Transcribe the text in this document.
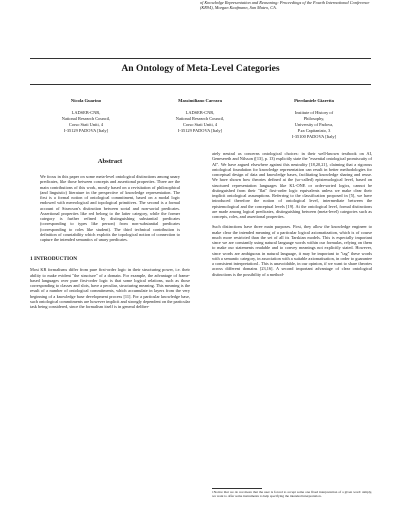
of Knowledge Representation and Reasoning: Proceedings of the Fourth International Conference (KR94), Morgan Kaufmann, San Mateo, CA.
An Ontology of Meta-Level Categories
Nicola Guarino
LADSEB-CNR,
National Research Council,
Corso Stati Uniti, 4
I-35129 PADOVA [Italy]
Massimiliano Carrara
LADSEB-CNR,
National Research Council,
Corso Stati Uniti, 4
I-35129 PADOVA [Italy]
Pierdaniele Giaretta
Institute of History of
Philosophy,
University of Padova,
P.za Capitaniato, 3
I-35100 PADOVA [Italy]
Abstract
We focus in this paper on some meta-level ontological distinctions among unary predicates, like those between concepts and assertional properties. Three are the main contributions of this work, mostly based on a revisitation of philosophical (and linguistic) literature in the perspective of knowledge representation. The first is a formal notion of ontological commitment, based on a modal logic endowed with mereological and topological primitives. The second is a formal account of Strawson's distinction between sortal and non-sortal predicates. Assertional properties like red belong to the latter category, while the former category is further refined by distinguishing substantial predicates (corresponding to types like person) from non-substantial predicates (corresponding to roles like student). The third technical contribution is definition of countability which exploits the topological notion of connection to capture the intended semantics of unary predicates.
1 INTRODUCTION
Most KR formalisms differ from pure first-order logic in their structuring power, i.e. their ability to make evident "the structure" of a domain. For example, the advantage of frame-based languages over pure first-order logic is that some logical relations, such as those corresponding to classes and slots, have a peculiar, structuring meaning. This meaning is the result of a number of ontological commitments, which accumulate in layers from the very beginning of a knowledge base development process [11]. For a particular knowledge base, such ontological commitments are however implicit and strongly dependent on the particular task being considered, since the formalism itself is in general deliber-
ately neutral as concerns ontological choices: in their well-known textbook on AI, Genesereth and Nilsson ([13], p. 13) explicitly state the "essential ontological promiscuity of AI". We have argued elsewhere against this neutrality [18,20,21], claiming that a rigorous ontological foundation for knowledge representation can result in better methodologies for conceptual design of data and knowledge bases, facilitating knowledge sharing and reuse. We have shown how theories defined at the (so-called) epistemological level, based on structured representation languages like KL-ONE or order-sorted logics, cannot be distinguished from their "flat" first-order logic equivalents unless we make clear their implicit ontological assumptions. Referring to the classification proposed in [5], we have introduced therefore the notion of ontological level, intermediate between the epistemological and the conceptual levels [19]. At the ontological level, formal distinctions are made among logical predicates, distinguishing between (meta-level) categories such as concepts, roles, and assertional properties.
Such distinctions have three main purposes. First, they allow the knowledge engineer to make clear the intended meaning of a particular logical axiomatization, which is of course much more restricted than the set of all its Tarskian models. This is especially important since we are constantly using natural language words within our formulas, relying on them to make our statements readable and to convey meanings not explicitly stated. However, since words are ambiguous in natural language, it may be important to "tag" these words with a semantic category, in association with a suitable axiomatisation, in order to guarantee a consistent interpretation1. This is unavoidable, in our opinion, if we want to share theories across different domains [23,16]. A second important advantage of clear ontological distinctions is the possibility of a method-
1Notice that we do not mean that the user is forced to accept some one fixed interpretation of a given word: simply, we want to offer some instruments to help specifying the intended interpretation.
